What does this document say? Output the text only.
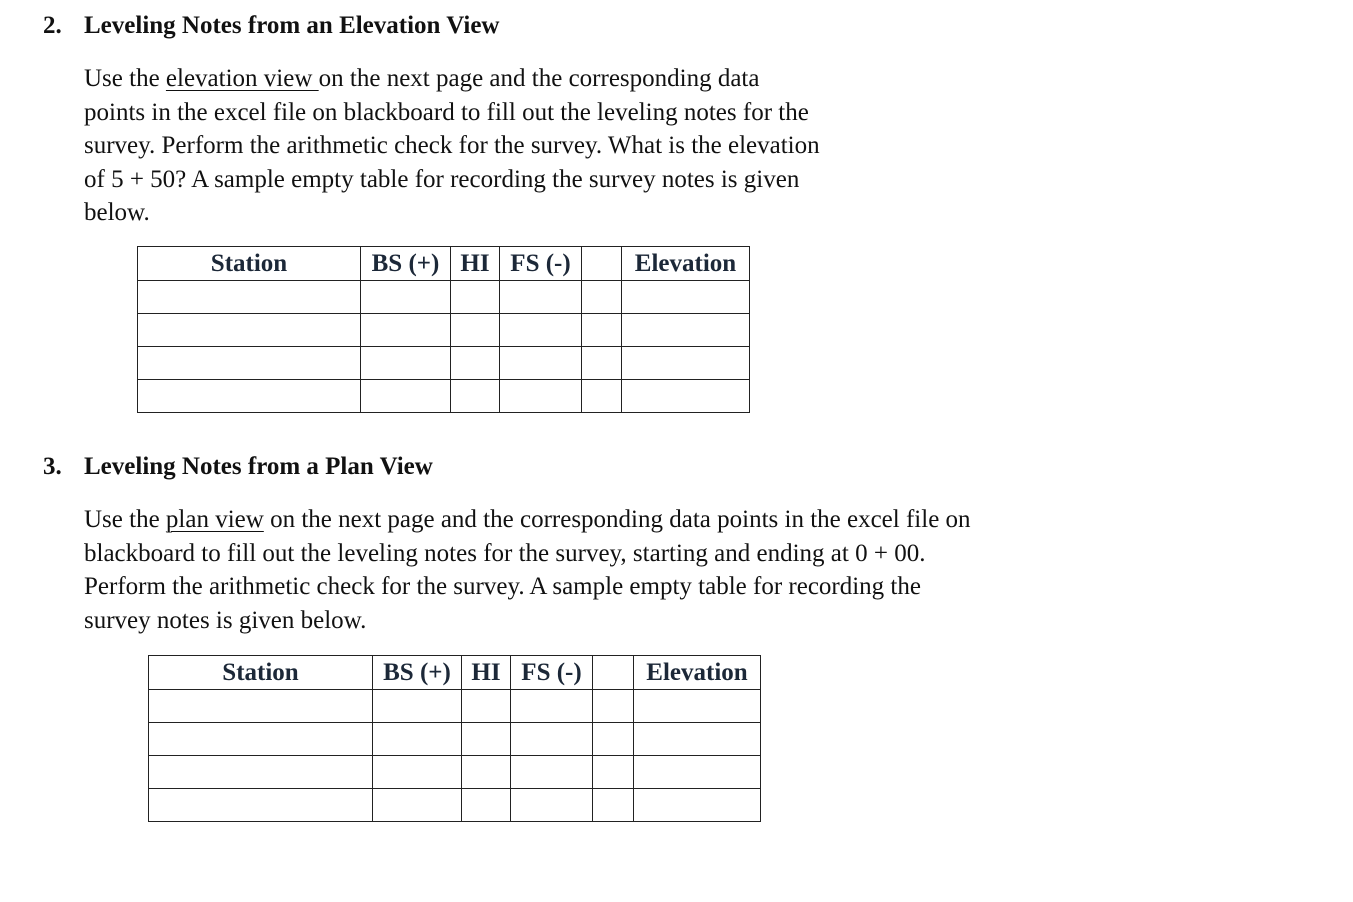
2. Leveling Notes from an Elevation View
Use the elevation view on the next page and the corresponding data
points in the excel file on blackboard to fill out the leveling notes for the
survey. Perform the arithmetic check for the survey. What is the elevation
of 5 + 50? A sample empty table for recording the survey notes is given
below.
Station	BS (+)	HI	FS (-)		Elevation

3. Leveling Notes from a Plan View
Use the plan view on the next page and the corresponding data points in the excel file on
blackboard to fill out the leveling notes for the survey, starting and ending at 0 + 00.
Perform the arithmetic check for the survey. A sample empty table for recording the
survey notes is given below.
Station	BS (+)	HI	FS (-)		Elevation
